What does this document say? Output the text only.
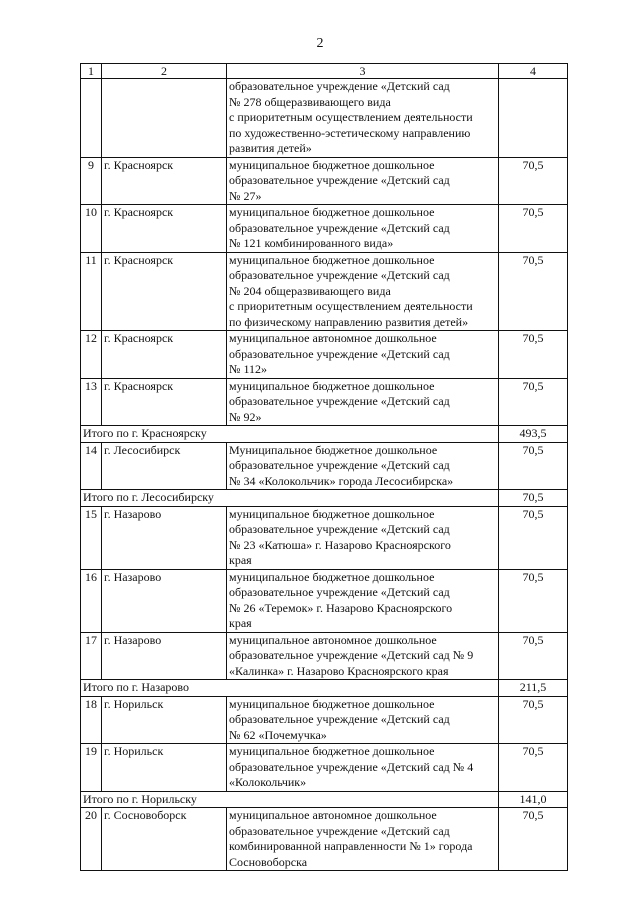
2
1	2	3	4

		образовательное учреждение «Детский сад
№ 278 общеразвивающего вида
с приоритетным осуществлением деятельности
по художественно-эстетическому направлению
развития детей»	

9	г. Красноярск	муниципальное бюджетное дошкольное
образовательное учреждение «Детский сад
№ 27»	70,5
10	г. Красноярск	муниципальное бюджетное дошкольное
образовательное учреждение «Детский сад
№ 121 комбинированного вида»	70,5
11	г. Красноярск	муниципальное бюджетное дошкольное
образовательное учреждение «Детский сад
№ 204 общеразвивающего вида
с приоритетным осуществлением деятельности
по физическому направлению развития детей»	70,5
12	г. Красноярск	муниципальное автономное дошкольное
образовательное учреждение «Детский сад
№ 112»	70,5
13	г. Красноярск	муниципальное бюджетное дошкольное
образовательное учреждение «Детский сад
№ 92»	70,5
Итого по г. Красноярску			493,5
14	г. Лесосибирск	Муниципальное бюджетное дошкольное
образовательное учреждение «Детский сад
№ 34 «Колокольчик» города Лесосибирска»	70,5
Итого по г. Лесосибирску			70,5
15	г. Назарово	муниципальное бюджетное дошкольное
образовательное учреждение «Детский сад
№ 23 «Катюша» г. Назарово Красноярского
края	70,5
16	г. Назарово	муниципальное бюджетное дошкольное
образовательное учреждение «Детский сад
№ 26 «Теремок» г. Назарово Красноярского
края	70,5
17	г. Назарово	муниципальное автономное дошкольное
образовательное учреждение «Детский сад № 9
«Калинка» г. Назарово Красноярского края	70,5
Итого по г. Назарово			211,5
18	г. Норильск	муниципальное бюджетное дошкольное
образовательное учреждение «Детский сад
№ 62 «Почемучка»	70,5
19	г. Норильск	муниципальное бюджетное дошкольное
образовательное учреждение «Детский сад № 4
«Колокольчик»	70,5
Итого по г. Норильску			141,0
20	г. Сосновоборск	муниципальное автономное дошкольное
образовательное учреждение «Детский сад
комбинированной направленности № 1» города
Сосновоборска	70,5
